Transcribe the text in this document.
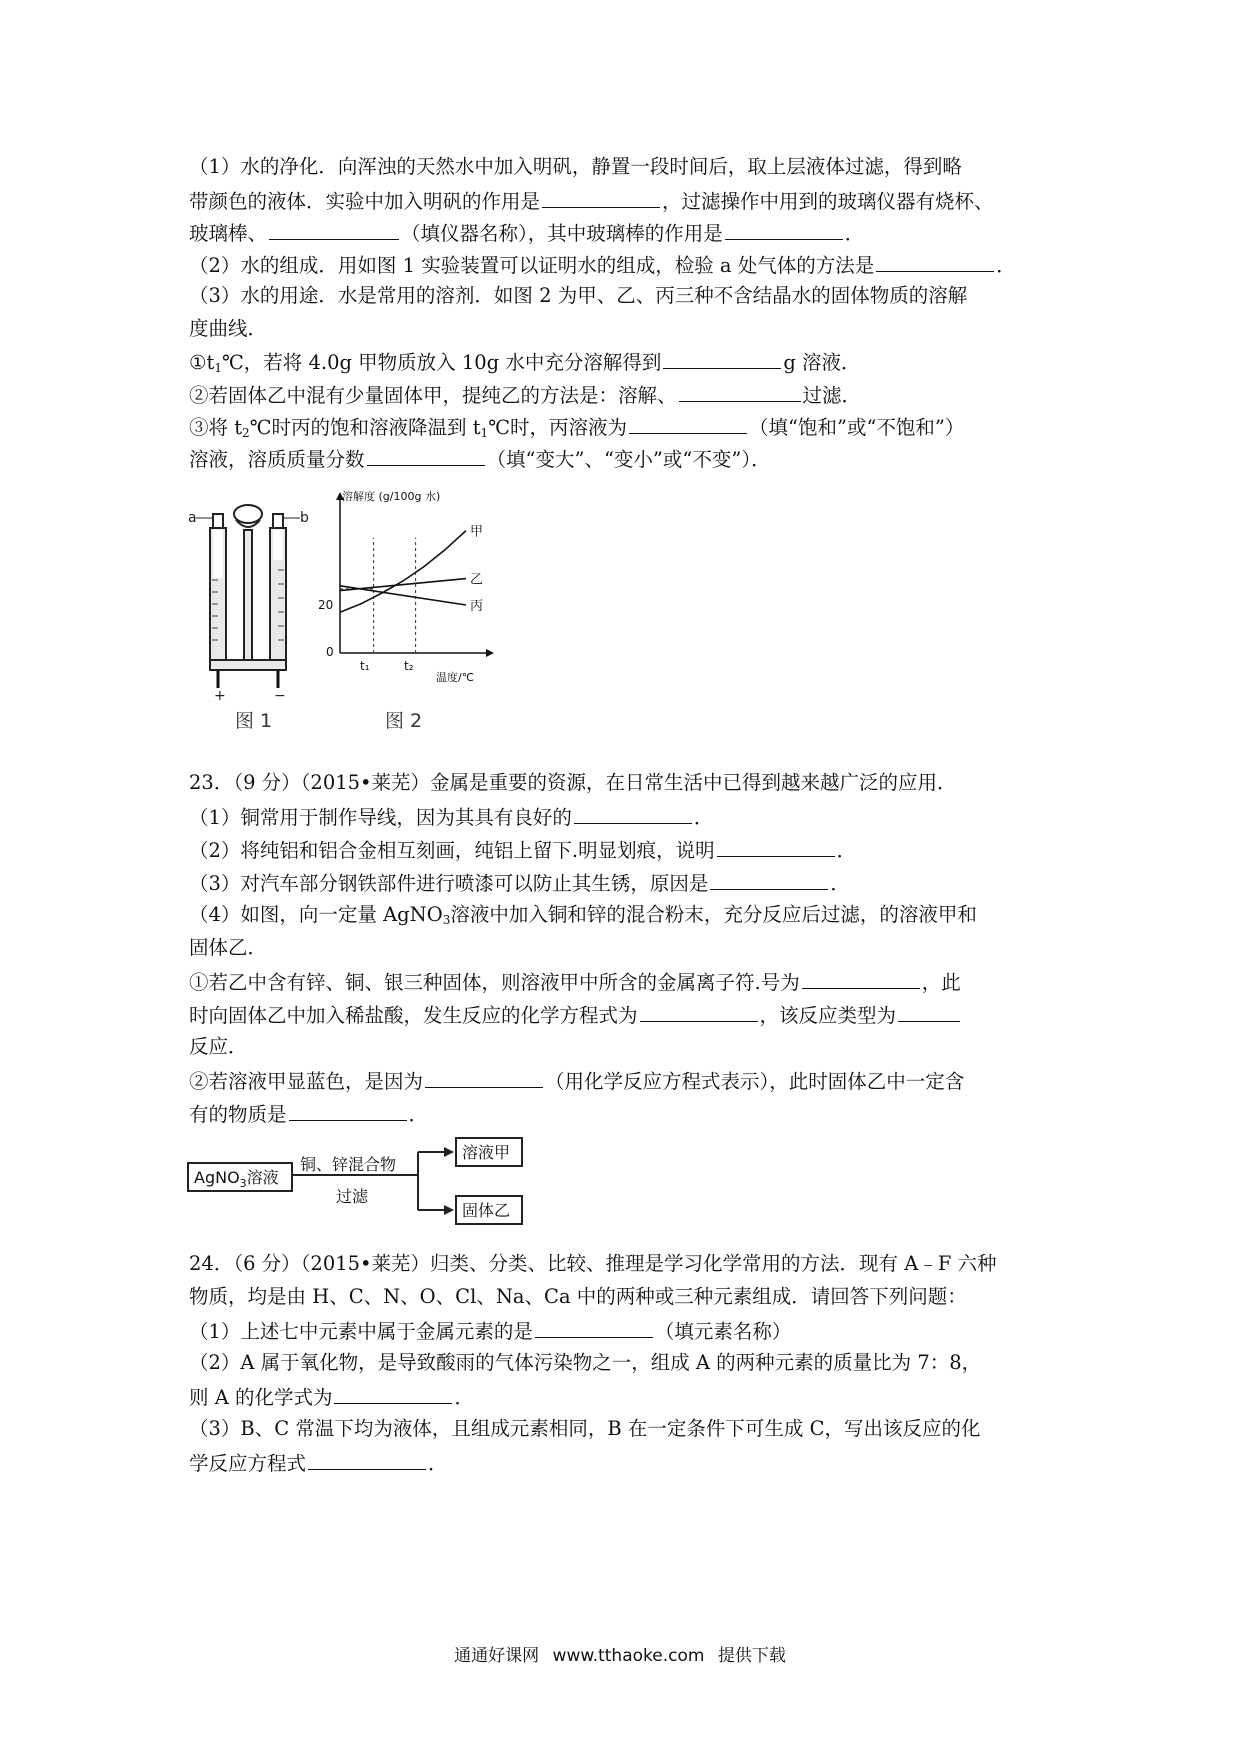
（1）水的净化．向浑浊的天然水中加入明矾，静置一段时间后，取上层液体过滤，得到略
带颜色的液体．实验中加入明矾的作用是	，过滤操作中用到的玻璃仪器有烧杯、
玻璃棒、	（填仪器名称），其中玻璃棒的作用是	．
（2）水的组成．用如图 1 实验装置可以证明水的组成，检验 a 处气体的方法是	．
（3）水的用途．水是常用的溶剂．如图 2 为甲、乙、丙三种不含结晶水的固体物质的溶解
度曲线．
$①t_1℃$，若将 4.0g 甲物质放入 10g 水中充分溶解得到	g 溶液．
②若固体乙中混有少量固体甲，提纯乙的方法是：溶解、	过滤．
③将 $t_2℃$时丙的饱和溶液降温到 $t_1℃$时，丙溶液为	（填“饱和”或“不饱和”）
溶液，溶质质量分数	（填“变大”、“变小”或“不变”）．
a	b
+	−
溶解度 (g/100g 水)
温度/℃
0
20
t₁	t₂
甲
乙
丙
图 1	图 2
23．（9 分）（2015•莱芜）金属是重要的资源，在日常生活中已得到越来越广泛的应用．
（1）铜常用于制作导线，因为其具有良好的	．
（2）将纯铝和铝合金相互刻画，纯铝上留下.明显划痕，说明	．
（3）对汽车部分钢铁部件进行喷漆可以防止其生锈，原因是	．
（4）如图，向一定量 AgNO$_3$溶液中加入铜和锌的混合粉末，充分反应后过滤，的溶液甲和
固体乙．
①若乙中含有锌、铜、银三种固体，则溶液甲中所含的金属离子符.号为	，此
时向固体乙中加入稀盐酸，发生反应的化学方程式为	，该反应类型为
反应．
②若溶液甲显蓝色，是因为	（用化学反应方程式表示），此时固体乙中一定含
有的物质是	．
AgNO$_3$溶液
铜、锌混合物
过滤
溶液甲
固体乙
24．（6 分）（2015•莱芜）归类、分类、比较、推理是学习化学常用的方法．现有 A﹣F 六种
物质，均是由 H、C、N、O、Cl、Na、Ca 中的两种或三种元素组成．请回答下列问题：
（1）上述七中元素中属于金属元素的是	（填元素名称）
（2）A 属于氧化物，是导致酸雨的气体污染物之一，组成 A 的两种元素的质量比为 7：8，
则 A 的化学式为	．
（3）B、C 常温下均为液体，且组成元素相同，B 在一定条件下可生成 C，写出该反应的化
学反应方程式	．
通通好课网 www.tthaoke.com 提供下载
